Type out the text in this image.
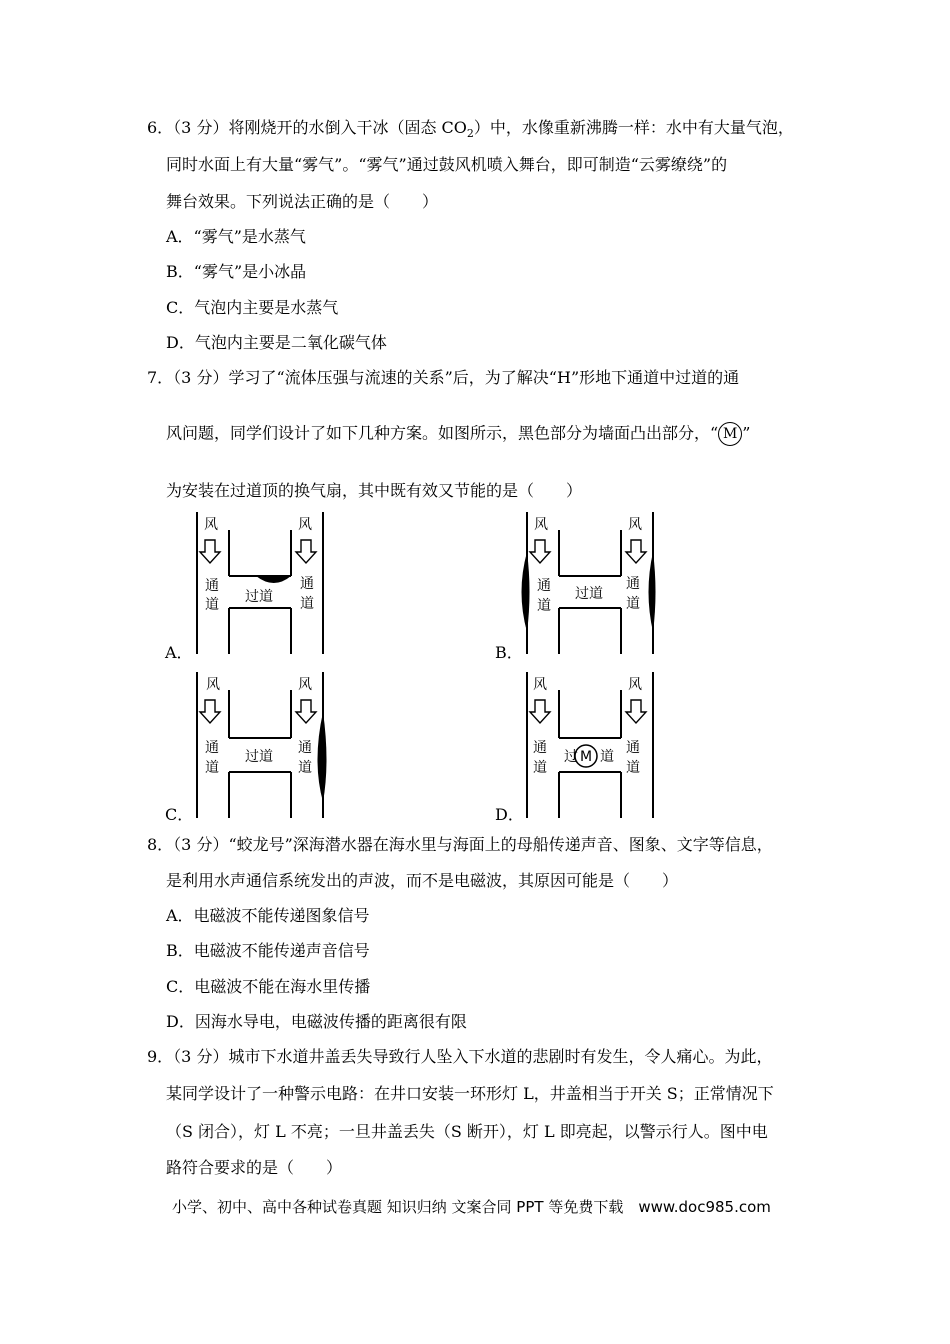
6．（3 分）将刚烧开的水倒入干冰（固态 $CO_2$）中，水像重新沸腾一样：水中有大量气泡，
同时水面上有大量“雾气”。“雾气”通过鼓风机喷入舞台，即可制造“云雾缭绕”的
舞台效果。下列说法正确的是（　　）
A．“雾气”是水蒸气
B．“雾气”是小冰晶
C．气泡内主要是水蒸气
D．气泡内主要是二氧化碳气体
7．（3 分）学习了“流体压强与流速的关系”后，为了解决“H”形地下通道中过道的通
风问题，同学们设计了如下几种方案。如图所示，黑色部分为墙面凸出部分，“ M ”
为安装在过道顶的换气扇，其中既有效又节能的是（　　）
A．
风	风
通
道
通
道
过道
B．
风	风
通
道
通
道
过道
C．
风	风
通
道
通
道
过道
D．
风	风
通
道
通
道
过 M 道
8．（3 分）“蛟龙号”深海潜水器在海水里与海面上的母船传递声音、图象、文字等信息，
是利用水声通信系统发出的声波，而不是电磁波，其原因可能是（　　）
A．电磁波不能传递图象信号
B．电磁波不能传递声音信号
C．电磁波不能在海水里传播
D．因海水导电，电磁波传播的距离很有限
9．（3 分）城市下水道井盖丢失导致行人坠入下水道的悲剧时有发生，令人痛心。为此，
某同学设计了一种警示电路：在井口安装一环形灯 L，井盖相当于开关 S；正常情况下
（S 闭合），灯 L 不亮；一旦井盖丢失（S 断开），灯 L 即亮起，以警示行人。图中电
路符合要求的是（　　）
小学、初中、高中各种试卷真题 知识归纳 文案合同 PPT 等免费下载　www.doc985.com
